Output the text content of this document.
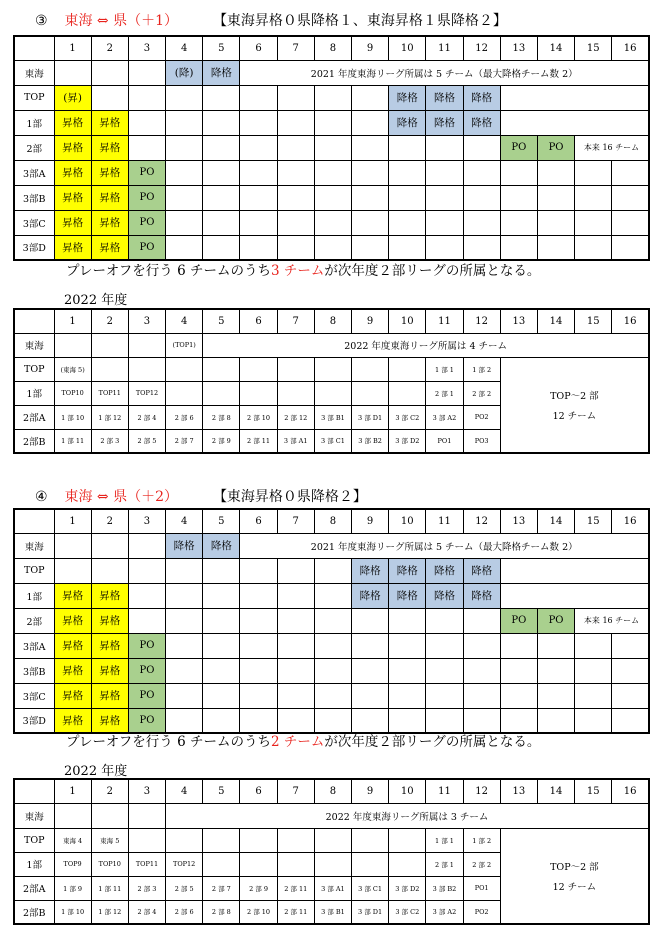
③ 東海 ⇔ 県（＋1） 【東海昇格０県降格１、東海昇格１県降格２】
	1	2	3	4	5	6	7	8	9	10	11	12	13	14	15	16
東海				(降)	降格	2021 年度東海リーグ所属は 5 チーム（最大降格チーム数 2）										
TOP	(昇)									降格	降格	降格				
1部	昇格	昇格								降格	降格	降格				
2部	昇格	昇格											PO	PO	本来 16 チーム	
3部A	昇格	昇格	PO													
3部B	昇格	昇格	PO													
3部C	昇格	昇格	PO													
3部D	昇格	昇格	PO													
プレーオフを行う 6 チームのうち3 チームが次年度２部リーグの所属となる。
2022 年度
	1	2	3	4	5	6	7	8	9	10	11	12	13	14	15	16
東海				(TOP1)	2022 年度東海リーグ所属は 4 チーム											
TOP	(東海 5)										1 部 1	1 部 2	TOP～2 部
12 チーム			

1部	TOP10	TOP11	TOP12								2 部 1	2 部 2				
2部A	1 部 10	1 部 12	2 部 4	2 部 6	2 部 8	2 部 10	2 部 12	3 部 B1	3 部 D1	3 部 C2	3 部 A2	PO2				
2部B	1 部 11	2 部 3	2 部 5	2 部 7	2 部 9	2 部 11	3 部 A1	3 部 C1	3 部 B2	3 部 D2	PO1	PO3				
④ 東海 ⇔ 県（＋2） 【東海昇格０県降格２】
	1	2	3	4	5	6	7	8	9	10	11	12	13	14	15	16
東海				降格	降格	2021 年度東海リーグ所属は 5 チーム（最大降格チーム数 2）										
TOP									降格	降格	降格	降格				
1部	昇格	昇格							降格	降格	降格	降格				
2部	昇格	昇格											PO	PO	本来 16 チーム	
3部A	昇格	昇格	PO													
3部B	昇格	昇格	PO													
3部C	昇格	昇格	PO													
3部D	昇格	昇格	PO													
プレーオフを行う 6 チームのうち2 チームが次年度２部リーグの所属となる。
2022 年度
	1	2	3	4	5	6	7	8	9	10	11	12	13	14	15	16
東海				2022 年度東海リーグ所属は 3 チーム												
TOP	東海 4	東海 5									1 部 1	1 部 2	TOP～2 部
12 チーム			

1部	TOP9	TOP10	TOP11	TOP12							2 部 1	2 部 2				
2部A	1 部 9	1 部 11	2 部 3	2 部 5	2 部 7	2 部 9	2 部 11	3 部 A1	3 部 C1	3 部 D2	3 部 B2	PO1				
2部B	1 部 10	1 部 12	2 部 4	2 部 6	2 部 8	2 部 10	2 部 11	3 部 B1	3 部 D1	3 部 C2	3 部 A2	PO2				
